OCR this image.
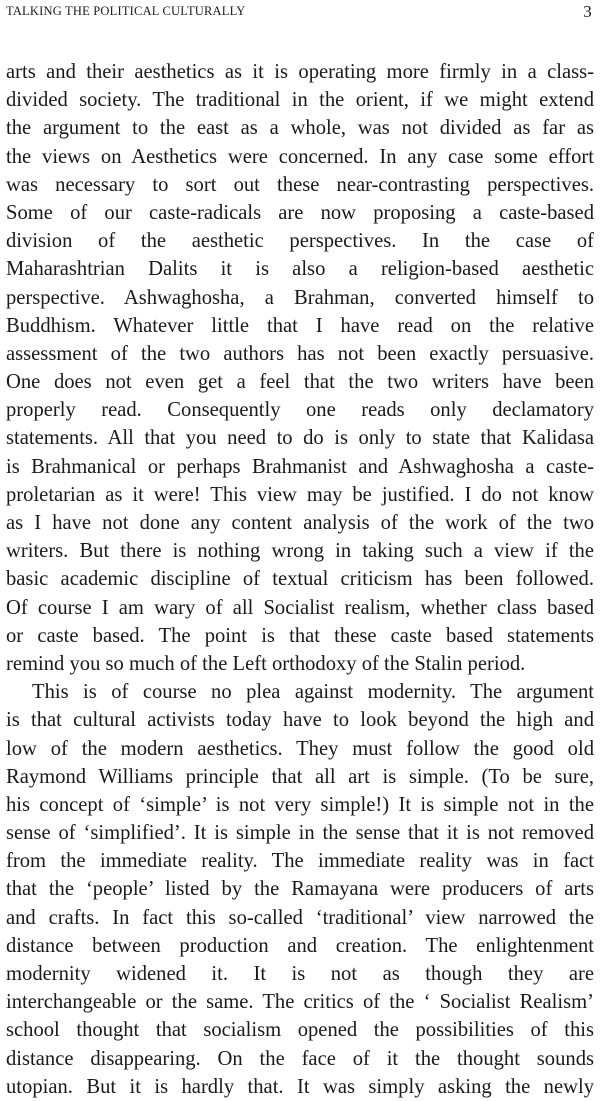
TALKING THE POLITICAL CULTURALLY	3
arts and their aesthetics as it is operating more firmly in a class-
divided society. The traditional in the orient, if we might extend
the argument to the east as a whole, was not divided as far as
the views on Aesthetics were concerned. In any case some effort
was necessary to sort out these near-contrasting perspectives.
Some of our caste-radicals are now proposing a caste-based
division of the aesthetic perspectives. In the case of
Maharashtrian Dalits it is also a religion-based aesthetic
perspective. Ashwaghosha, a Brahman, converted himself to
Buddhism. Whatever little that I have read on the relative
assessment of the two authors has not been exactly persuasive.
One does not even get a feel that the two writers have been
properly read. Consequently one reads only declamatory
statements. All that you need to do is only to state that Kalidasa
is Brahmanical or perhaps Brahmanist and Ashwaghosha a caste-
proletarian as it were! This view may be justified. I do not know
as I have not done any content analysis of the work of the two
writers. But there is nothing wrong in taking such a view if the
basic academic discipline of textual criticism has been followed.
Of course I am wary of all Socialist realism, whether class based
or caste based. The point is that these caste based statements
remind you so much of the Left orthodoxy of the Stalin period.
This is of course no plea against modernity. The argument
is that cultural activists today have to look beyond the high and
low of the modern aesthetics. They must follow the good old
Raymond Williams principle that all art is simple. (To be sure,
his concept of ‘simple’ is not very simple!) It is simple not in the
sense of ‘simplified’. It is simple in the sense that it is not removed
from the immediate reality. The immediate reality was in fact
that the ‘people’ listed by the Ramayana were producers of arts
and crafts. In fact this so-called ‘traditional’ view narrowed the
distance between production and creation. The enlightenment
modernity widened it. It is not as though they are
interchangeable or the same. The critics of the ‘ Socialist Realism’
school thought that socialism opened the possibilities of this
distance disappearing. On the face of it the thought sounds
utopian. But it is hardly that. It was simply asking the newly
